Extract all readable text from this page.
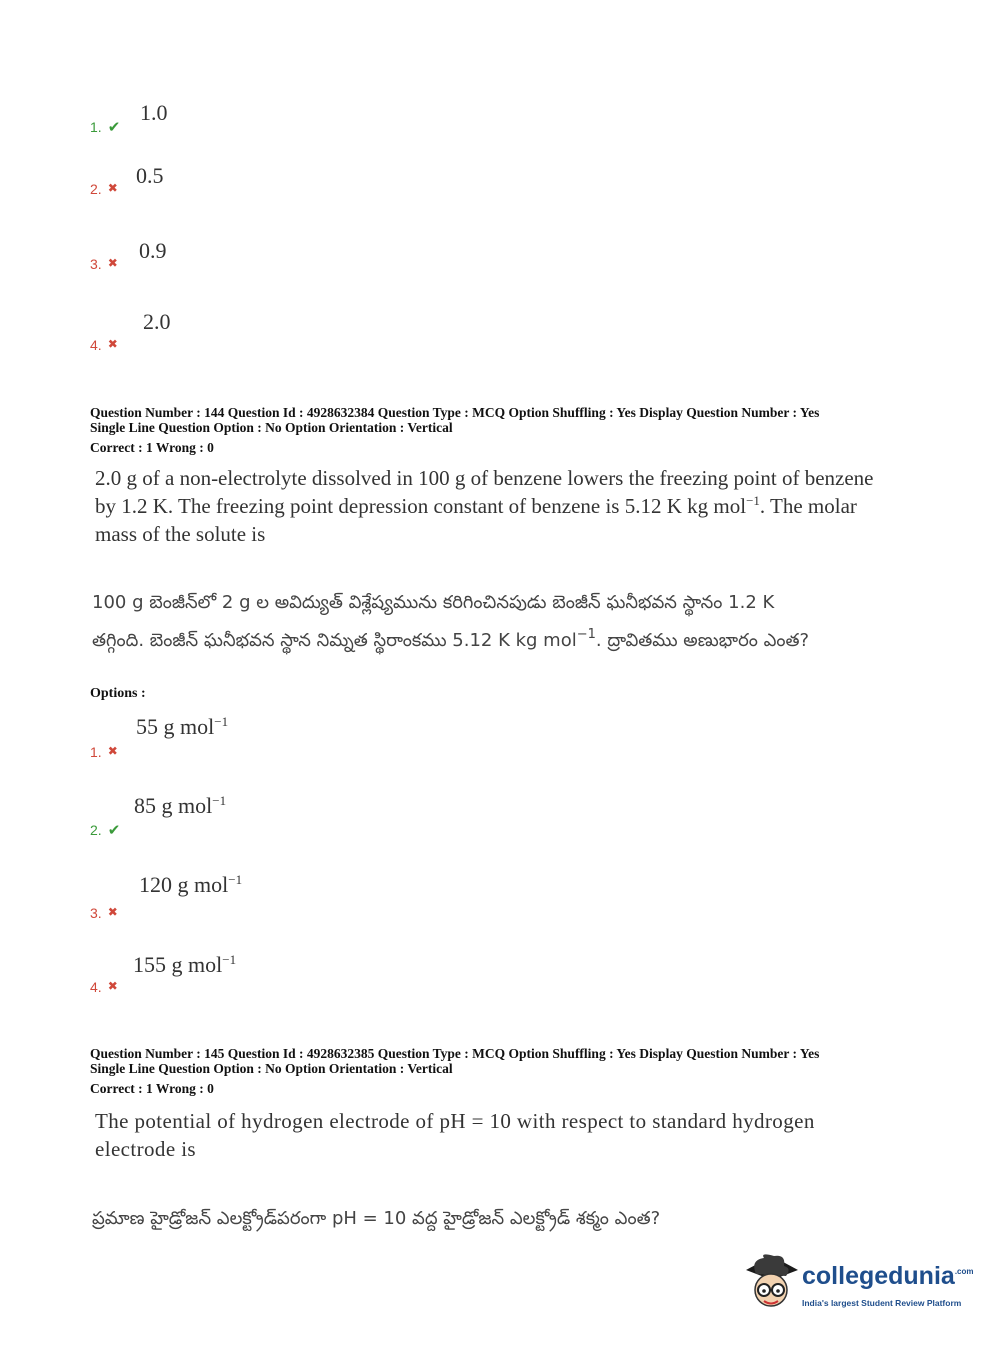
1. ✔
1.0
2. ✖ 0.5
3. ✖ 0.9
4. ✖
2.0
Question Number : 144 Question Id : 4928632384 Question Type : MCQ Option Shuffling : Yes Display Question Number : Yes
Single Line Question Option : No Option Orientation : Vertical
Correct : 1 Wrong : 0
2.0 g of a non-electrolyte dissolved in 100 g of benzene lowers the freezing point of benzene
by 1.2 K. The freezing point depression constant of benzene is 5.12 K kg mol$^{-1}$. The molar
mass of the solute is
100 g బెంజీన్‌లో 2 g ల అవిద్యుత్ విశ్లేష్యమును కరిగించినపుడు బెంజీన్ ఘనీభవన స్థానం 1.2 K
తగ్గింది. బెంజీన్ ఘనీభవన స్థాన నిమ్నత స్థిరాంకము 5.12 K kg mol$^{-1}$. ద్రావితము అణుభారం ఎంత?
Options :
1. ✖
55 g mol$^{-1}$
2. ✔
85 g mol$^{-1}$
3. ✖
120 g mol$^{-1}$
4. ✖
155 g mol$^{-1}$
Question Number : 145 Question Id : 4928632385 Question Type : MCQ Option Shuffling : Yes Display Question Number : Yes
Single Line Question Option : No Option Orientation : Vertical
Correct : 1 Wrong : 0
The potential of hydrogen electrode of pH = 10 with respect to standard hydrogen
electrode is
ప్రమాణ హైడ్రోజన్ ఎలక్ట్రోడ్‌పరంగా pH = 10 వద్ద హైడ్రోజన్ ఎలక్ట్రోడ్ శక్మం ఎంత?
collegedunia$^{.com}$
India's largest Student Review Platform
